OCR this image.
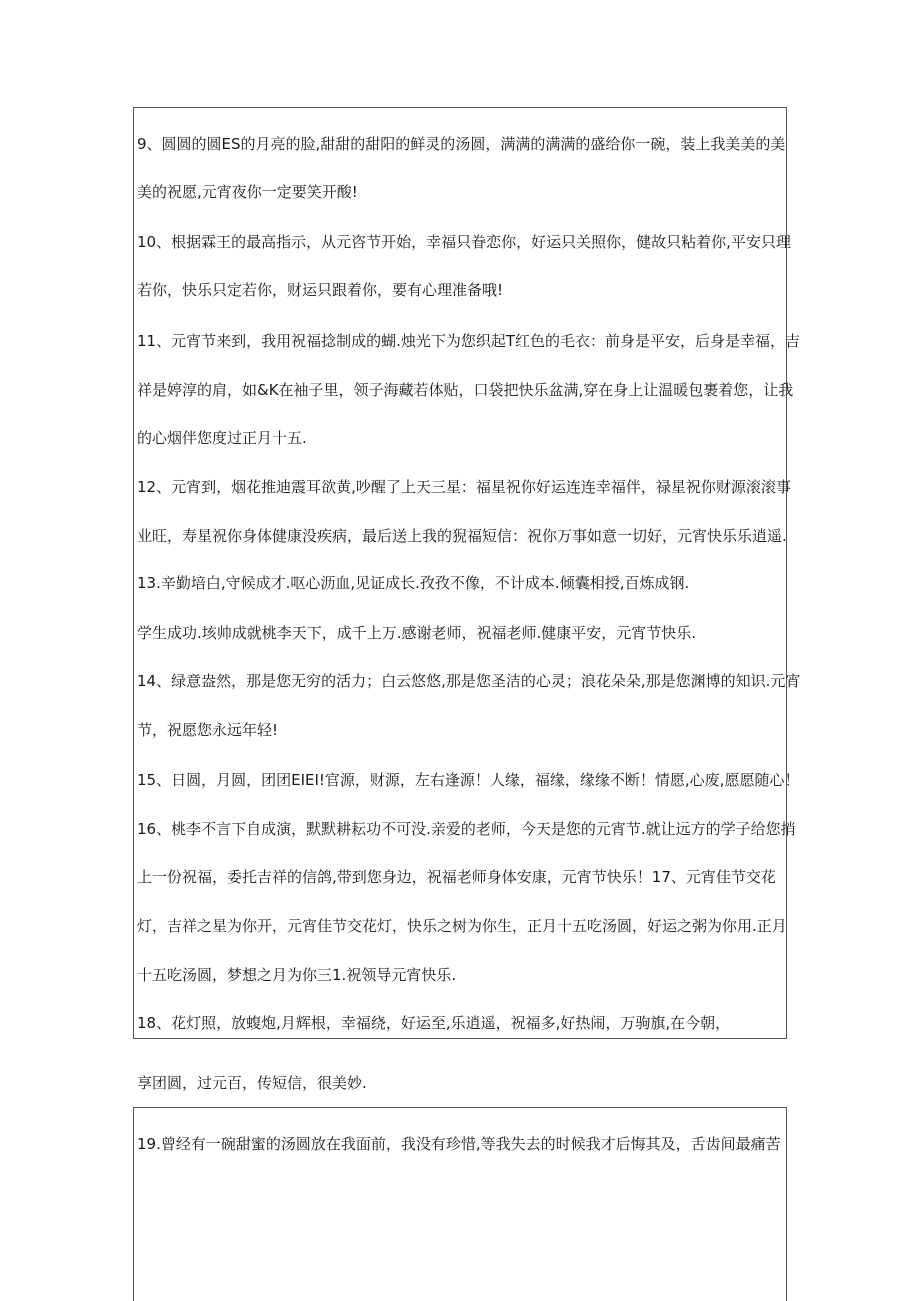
9、圆圆的圆ES的月亮的脸,甜甜的甜阳的鲜灵的汤圆，满满的满满的盛给你一碗，装上我美美的美
美的祝愿,元宵夜你一定要笑开酸!
10、根据霖王的最高指示，从元咨节开始，幸福只眷恋你，好运只关照你，健故只粘着你,平安只理
若你，快乐只定若你，财运只跟着你，要有心理准备哦!
11、元宵节来到，我用祝福捻制成的蝴.烛光下为您织起T红色的毛衣：前身是平安，后身是幸福，吉
祥是婷淳的肩，如&K在袖子里，领子海藏若体贴，口袋把快乐盆满,穿在身上让温暖包裹着您，让我
的心烟伴您度过正月十五.
12、元宵到，烟花推迪震耳欲黄,吵醒了上天三星：福星祝你好运连连幸福伴，禄星祝你财源滚滚事
业旺，寿星祝你身体健康没疾病，最后送上我的猊福短信：祝你万事如意一切好，元宵快乐乐逍遥.
13.辛勤培白,守候成才.呕心沥血,见证成长.孜孜不像，不计成本.倾囊相授,百炼成钢.
学生成功.垓帅成就桃李天下，成千上万.感谢老师，祝福老师.健康平安，元宵节快乐.
14、绿意盎然，那是您无穷的活力；白云悠悠,那是您圣洁的心灵；浪花朵朵,那是您渊博的知识.元宵
节，祝愿您永远年轻!
15、日圆，月圆，团团EIEI!官源，财源，左右逢源！人缘，福缘，缘缘不断！情愿,心废,愿愿随心！
16、桃李不言下自成演，默默耕耘功不可没.亲爱的老师，今天是您的元宵节.就让远方的学子给您捎
上一份祝福，委托吉祥的信鸽,带到您身边，祝福老师身体安康，元宵节快乐！17、元宵佳节交花
灯，吉祥之星为你开，元宵佳节交花灯，快乐之树为你生，正月十五吃汤圆，好运之粥为你用.正月
十五吃汤圆，梦想之月为你三1.祝领导元宵快乐.
18、花灯照，放蝮炮,月辉根，幸福绕，好运至,乐逍遥，祝福多,好热闹，万驹旗,在今朝，
享团圆，过元百，传短信，很美妙.
19.曾经有一碗甜蜜的汤圆放在我面前，我没有珍惜,等我失去的时候我才后悔其及，舌齿间最痛苦
